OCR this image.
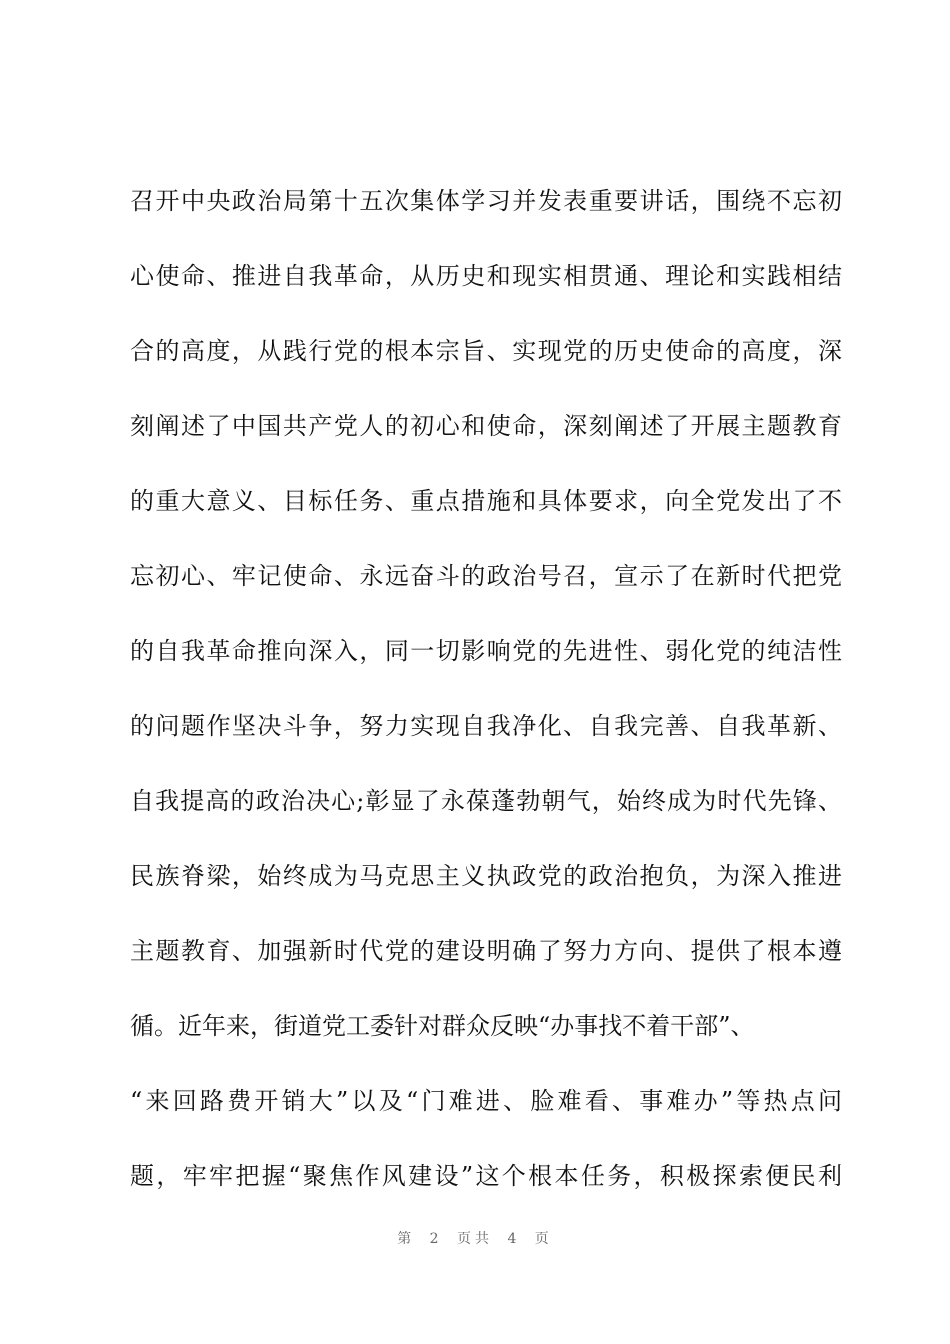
召开中央政治局第十五次集体学习并发表重要讲话，围绕不忘初
心使命、推进自我革命，从历史和现实相贯通、理论和实践相结
合的高度，从践行党的根本宗旨、实现党的历史使命的高度，深
刻阐述了中国共产党人的初心和使命，深刻阐述了开展主题教育
的重大意义、目标任务、重点措施和具体要求，向全党发出了不
忘初心、牢记使命、永远奋斗的政治号召，宣示了在新时代把党
的自我革命推向深入，同一切影响党的先进性、弱化党的纯洁性
的问题作坚决斗争，努力实现自我净化、自我完善、自我革新、
自我提高的政治决心;彰显了永葆蓬勃朝气，始终成为时代先锋、
民族脊梁，始终成为马克思主义执政党的政治抱负，为深入推进
主题教育、加强新时代党的建设明确了努力方向、提供了根本遵
循。近年来，街道党工委针对群众反映“办事找不着干部”、
“来回路费开销大”以及“门难进、脸难看、事难办”等热点问
题，牢牢把握“聚焦作风建设”这个根本任务，积极探索便民利
第 2 页共 4 页
